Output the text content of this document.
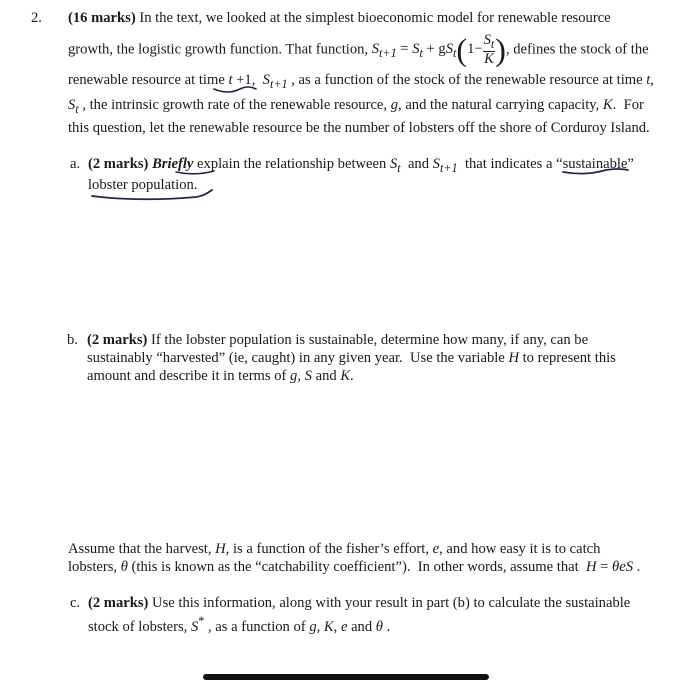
2. (16 marks) In the text, we looked at the simplest bioeconomic model for renewable resource
growth, the logistic growth function. That function, $S_{t+1} = S_t + gS_t(1- \frac{S_t}{K}$ ), defines the stock of the
renewable resource at time t +1,  $S_{t+1}$ , as a function of the stock of the renewable resource at time t,
$S_t$ , the intrinsic growth rate of the renewable resource, g, and the natural carrying capacity, K.  For
this question, let the renewable resource be the number of lobsters off the shore of Corduroy Island.
a. (2 marks) Briefly explain the relationship between $S_t$  and $S_{t+1}$  that indicates a “sustainable”
lobster population.
b. (2 marks) If the lobster population is sustainable, determine how many, if any, can be
sustainably “harvested” (ie, caught) in any given year.  Use the variable H to represent this
amount and describe it in terms of g, S and K.
Assume that the harvest, H, is a function of the fisher’s effort, e, and how easy it is to catch
lobsters, θ (this is known as the “catchability coefficient”).  In other words, assume that  H = θeS .
c. (2 marks) Use this information, along with your result in part (b) to calculate the sustainable
stock of lobsters, S* , as a function of g, K, e and θ .
